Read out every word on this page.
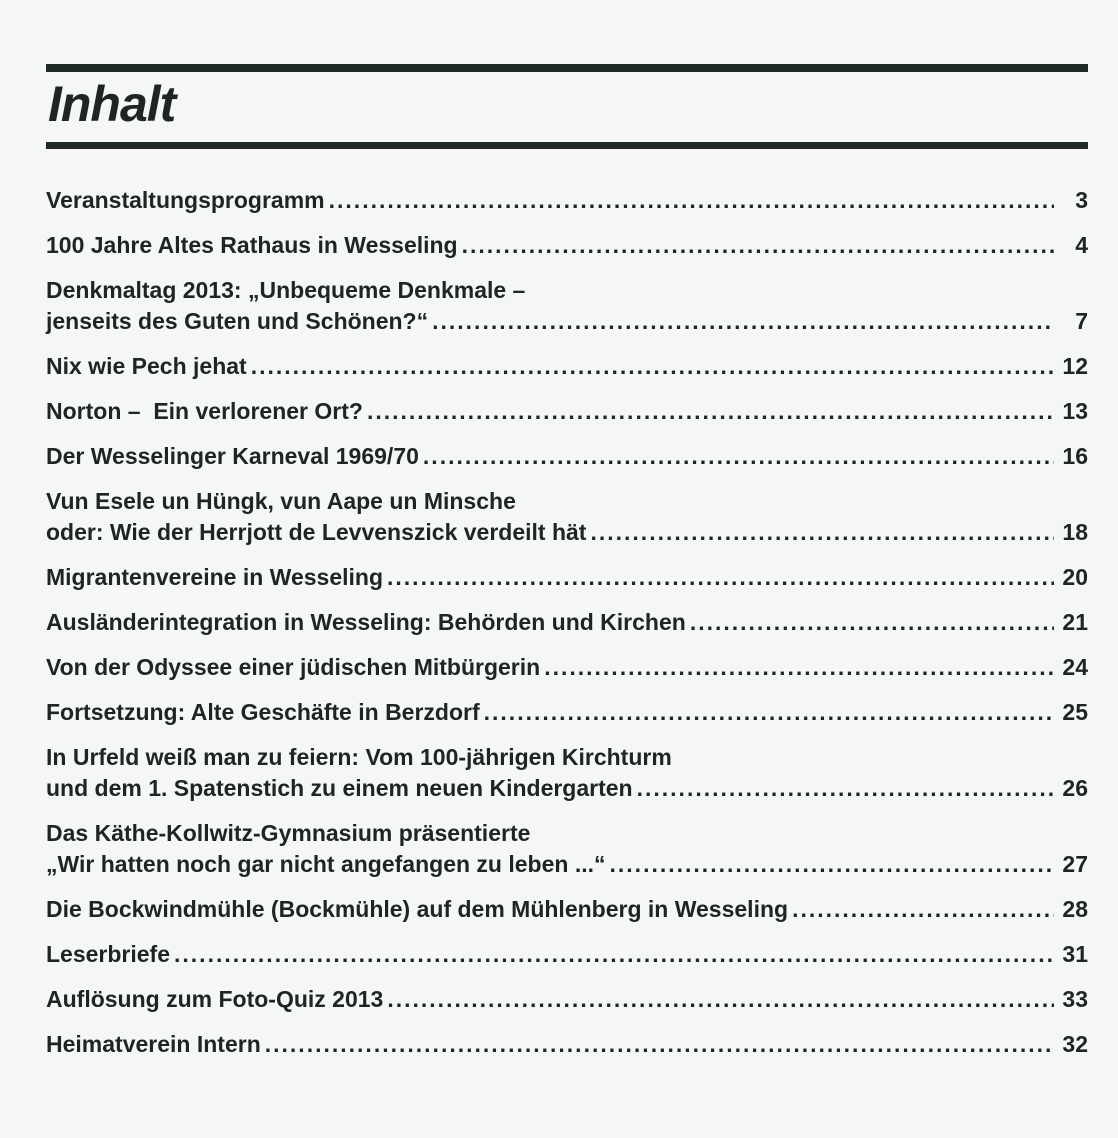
Inhalt
Veranstaltungsprogramm .....	3
100 Jahre Altes Rathaus in Wesseling .....	4
Denkmaltag 2013: „Unbequeme Denkmale –
jenseits des Guten und Schönen?“ .....	7
Nix wie Pech jehat .....	12
Norton –  Ein verlorener Ort? .....	13
Der Wesselinger Karneval 1969/70 .....	16
Vun Esele un Hüngk, vun Aape un Minsche
oder: Wie der Herrjott de Levvenszick verdeilt hät .....	18
Migrantenvereine in Wesseling .....	20
Ausländerintegration in Wesseling: Behörden und Kirchen .....	21
Von der Odyssee einer jüdischen Mitbürgerin .....	24
Fortsetzung: Alte Geschäfte in Berzdorf .....	25
In Urfeld weiß man zu feiern: Vom 100-jährigen Kirchturm
und dem 1. Spatenstich zu einem neuen Kindergarten .....	26
Das Käthe-Kollwitz-Gymnasium präsentierte
„Wir hatten noch gar nicht angefangen zu leben ...“ .....	27
Die Bockwindmühle (Bockmühle) auf dem Mühlenberg in Wesseling .....	28
Leserbriefe .....	31
Auflösung zum Foto-Quiz 2013 .....	33
Heimatverein Intern .....	32
